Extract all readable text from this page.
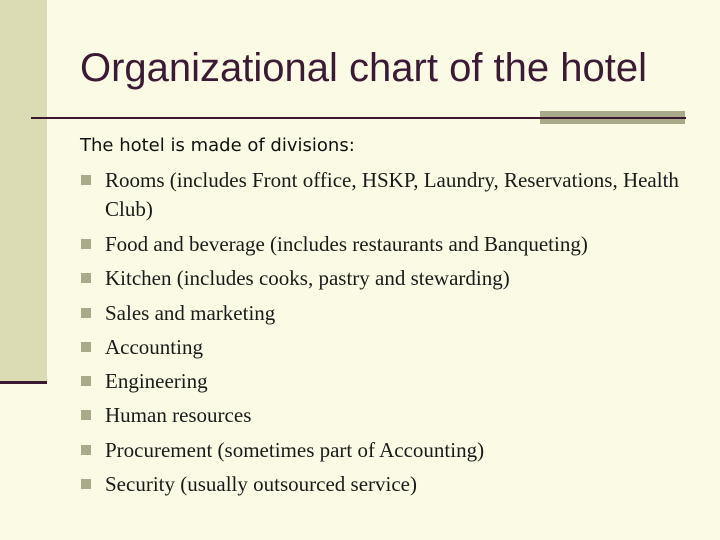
Organizational chart of the hotel

The hotel is made of divisions:

Rooms (includes Front office, HSKP, Laundry, Reservations, Health Club)
Food and beverage (includes restaurants and Banqueting)
Kitchen (includes cooks, pastry and stewarding)
Sales and marketing
Accounting
Engineering
Human resources
Procurement (sometimes part of Accounting)
Security (usually outsourced service)
